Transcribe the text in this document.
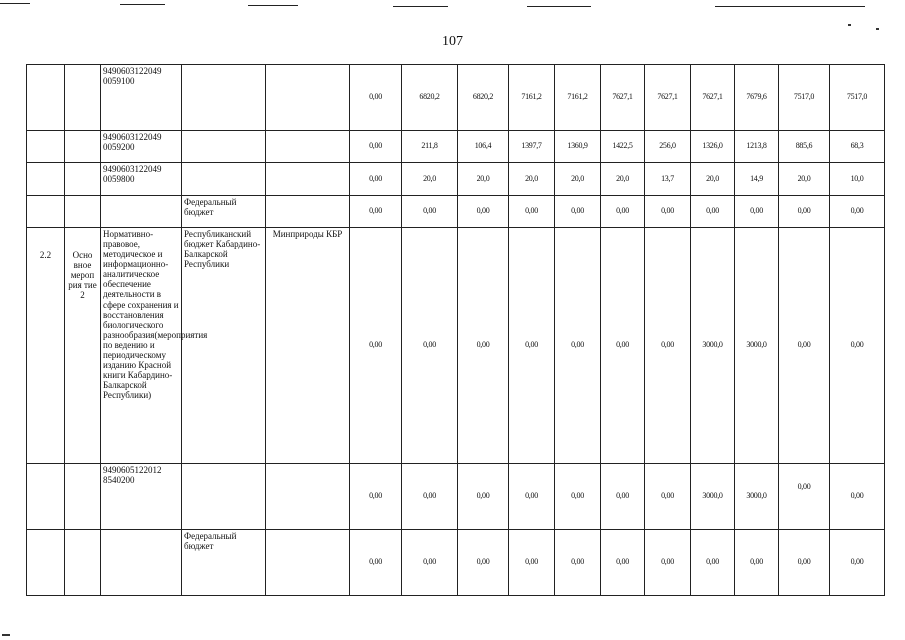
107
		9490603122049 0059100			0,00	6820,2	6820,2	7161,2	7161,2	7627,1	7627,1	7627,1	7679,6	7517,0	7517,0
		9490603122049 0059200			0,00	211,8	106,4	1397,7	1360,9	1422,5	256,0	1326,0	1213,8	885,6	68,3
		9490603122049 0059800			0,00	20,0	20,0	20,0	20,0	20,0	13,7	20,0	14,9	20,0	10,0
			Федеральный бюджет		0,00	0,00	0,00	0,00	0,00	0,00	0,00	0,00	0,00	0,00	0,00
2.2	Осно вное мероп рия тие 2	Нормативно-правовое, методическое и информационно-аналитическое обеспечение деятельности в сфере сохранения и восстановления биологического разнообразия(мероприятия по ведению и периодическому изданию Красной книги Кабардино-Балкарской Республики)	Республиканский бюджет Кабардино-Балкарской Республики	Минприроды КБР	0,00	0,00	0,00	0,00	0,00	0,00	0,00	3000,0	3000,0	0,00	0,00
		9490605122012 8540200			0,00	0,00	0,00	0,00	0,00	0,00	0,00	3000,0	3000,0	0,00	0,00
			Федеральный бюджет		0,00	0,00	0,00	0,00	0,00	0,00	0,00	0,00	0,00	0,00	0,00
